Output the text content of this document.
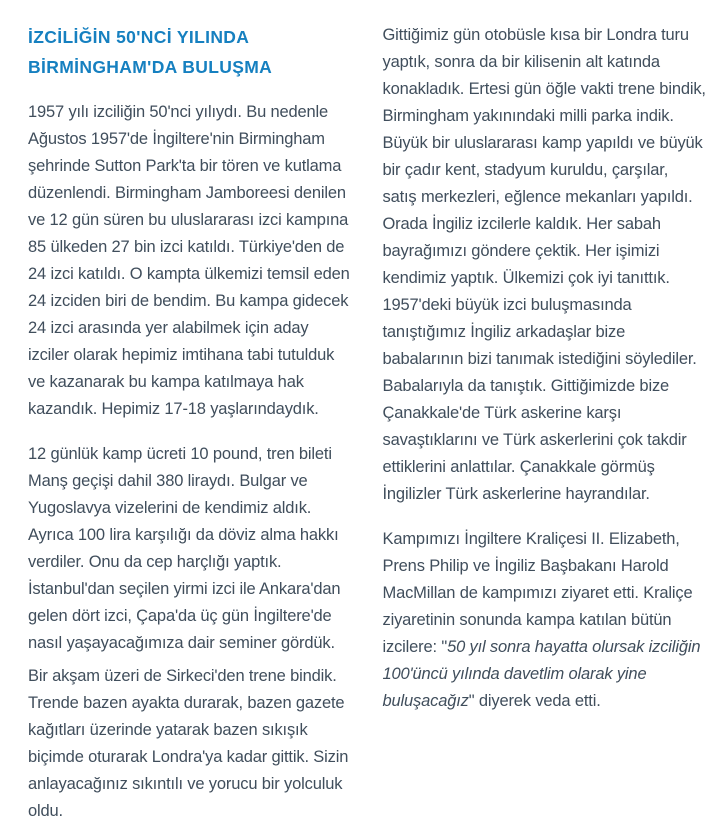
İZCİLİĞİN 50'NCİ YILINDA
BİRMİNGHAM'DA BULUŞMA

1957 yılı izciliğin 50'nci yılıydı. Bu nedenle Ağustos 1957'de İngiltere'nin Birmingham şehrinde Sutton Park'ta bir tören ve kutlama düzenlendi. Birmingham Jamboreesi denilen ve 12 gün süren bu uluslararası izci kampına 85 ülkeden 27 bin izci katıldı. Türkiye'den de 24 izci katıldı. O kampta ülkemizi temsil eden 24 izciden biri de bendim. Bu kampa gidecek 24 izci arasında yer alabilmek için aday izciler olarak hepimiz imtihana tabi tutulduk ve kazanarak bu kampa katılmaya hak kazandık. Hepimiz 17-18 yaşlarındaydık.

12 günlük kamp ücreti 10 pound, tren bileti Manş geçişi dahil 380 liraydı. Bulgar ve Yugoslavya vizelerini de kendimiz aldık. Ayrıca 100 lira karşılığı da döviz alma hakkı verdiler. Onu da cep harçlığı yaptık. İstanbul'dan seçilen yirmi izci ile Ankara'dan gelen dört izci, Çapa'da üç gün İngiltere'de nasıl yaşayacağımıza dair seminer gördük.

Bir akşam üzeri de Sirkeci'den trene bindik. Trende bazen ayakta durarak, bazen gazete kağıtları üzerinde yatarak bazen sıkışık biçimde oturarak Londra'ya kadar gittik. Sizin anlayacağınız sıkıntılı ve yorucu bir yolculuk oldu.

Gittiğimiz gün otobüsle kısa bir Londra turu yaptık, sonra da bir kilisenin alt katında konakladık. Ertesi gün öğle vakti trene bindik, Birmingham yakınındaki milli parka indik. Büyük bir uluslararası kamp yapıldı ve büyük bir çadır kent, stadyum kuruldu, çarşılar, satış merkezleri, eğlence mekanları yapıldı. Orada İngiliz izcilerle kaldık. Her sabah bayrağımızı göndere çektik. Her işimizi kendimiz yaptık. Ülkemizi çok iyi tanıttık. 1957'deki büyük izci buluşmasında tanıştığımız İngiliz arkadaşlar bize babalarının bizi tanımak istediğini söylediler. Babalarıyla da tanıştık. Gittiğimizde bize Çanakkale'de Türk askerine karşı savaştıklarını ve Türk askerlerini çok takdir ettiklerini anlattılar. Çanakkale görmüş İngilizler Türk askerlerine hayrandılar.

Kampımızı İngiltere Kraliçesi II. Elizabeth, Prens Philip ve İngiliz Başbakanı Harold MacMillan de kampımızı ziyaret etti. Kraliçe ziyaretinin sonunda kampa katılan bütün izcilere: "50 yıl sonra hayatta olursak izciliğin 100'üncü yılında davetlim olarak yine buluşacağız" diyerek veda etti.
